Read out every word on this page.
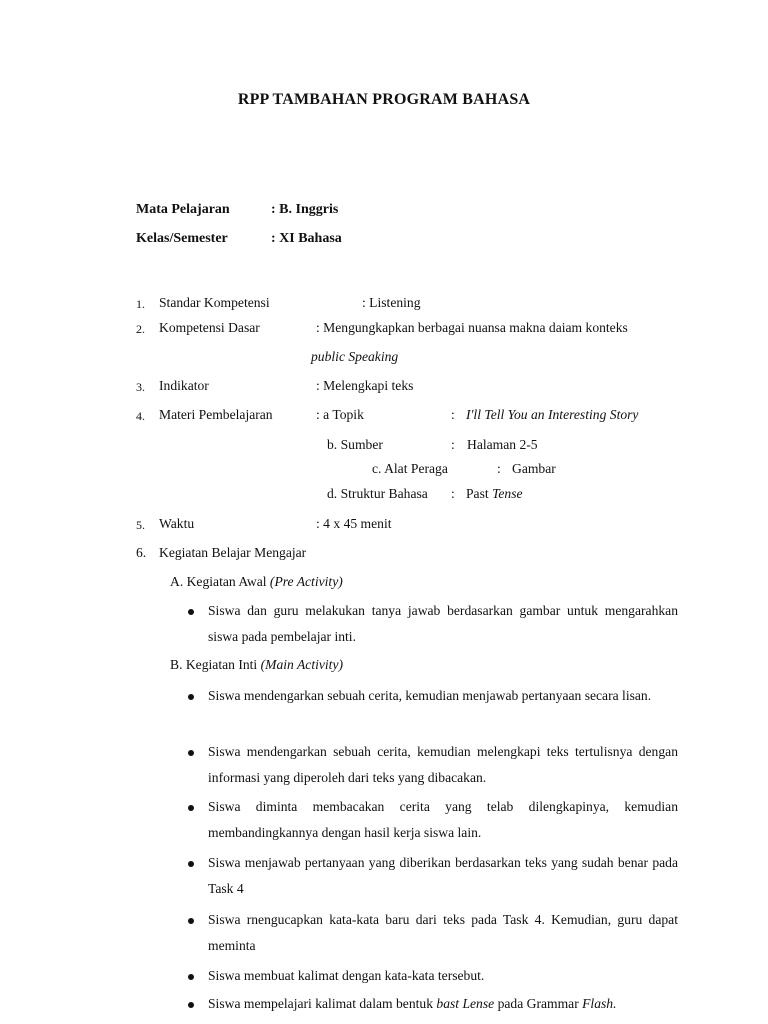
RPP TAMBAHAN PROGRAM BAHASA
Mata Pelajaran	: B. Inggris
Kelas/Semester	: XI Bahasa
1. Standar Kompetensi	: Listening
2. Kompetensi Dasar	: Mengungkapkan berbagai nuansa makna daiam konteks
public Speaking
3. Indikator	: Melengkapi teks
4. Materi Pembelajaran	: a Topik	: I'll Tell You an Interesting Story
b. Sumber	: Halaman 2-5
c. Alat Peraga	: Gambar
d. Struktur Bahasa : Past Tense
5. Waktu	: 4 x 45 menit
6. Kegiatan Belajar Mengajar
A. Kegiatan Awal (Pre Activity)
Siswa dan guru melakukan tanya jawab berdasarkan gambar untuk mengarahkan siswa pada pembelajar inti.
B. Kegiatan Inti (Main Activity)
Siswa mendengarkan sebuah cerita, kemudian menjawab pertanyaan secara lisan.
Siswa mendengarkan sebuah cerita, kemudian melengkapi teks tertulisnya dengan informasi yang diperoleh dari teks yang dibacakan.
Siswa diminta membacakan cerita yang telab dilengkapinya, kemudian membandingkannya dengan hasil kerja siswa lain.
Siswa menjawab pertanyaan yang diberikan berdasarkan teks yang sudah benar pada Task 4
Siswa rnengucapkan kata-kata baru dari teks pada Task 4. Kemudian, guru dapat meminta
Siswa membuat kalimat dengan kata-kata tersebut.
Siswa mempelajari kalimat dalam bentuk bast Lense pada Grammar Flash.
